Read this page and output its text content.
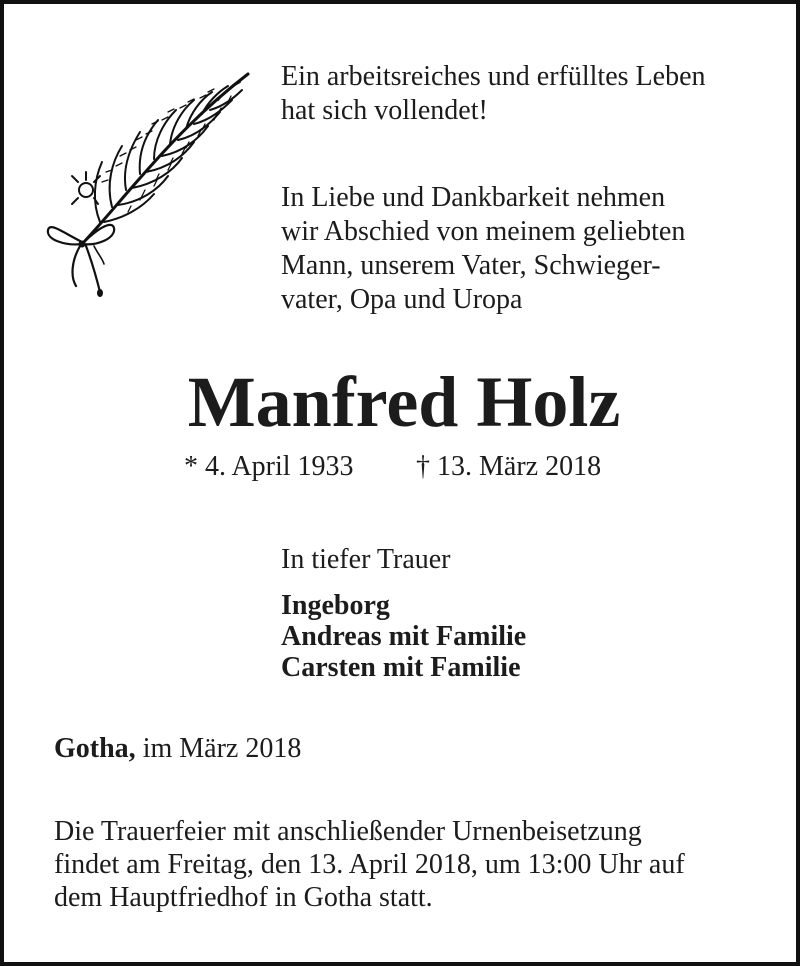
Ein arbeitsreiches und erfülltes Leben
hat sich vollendet!

In Liebe und Dankbarkeit nehmen
wir Abschied von meinem geliebten
Mann, unserem Vater, Schwieger-
vater, Opa und Uropa

Manfred Holz

* 4. April 1933 † 13. März 2018

In tiefer Trauer

Ingeborg
Andreas mit Familie
Carsten mit Familie

Gotha, im März 2018

Die Trauerfeier mit anschließender Urnenbeisetzung
findet am Freitag, den 13. April 2018, um 13:00 Uhr auf
dem Hauptfriedhof in Gotha statt.
